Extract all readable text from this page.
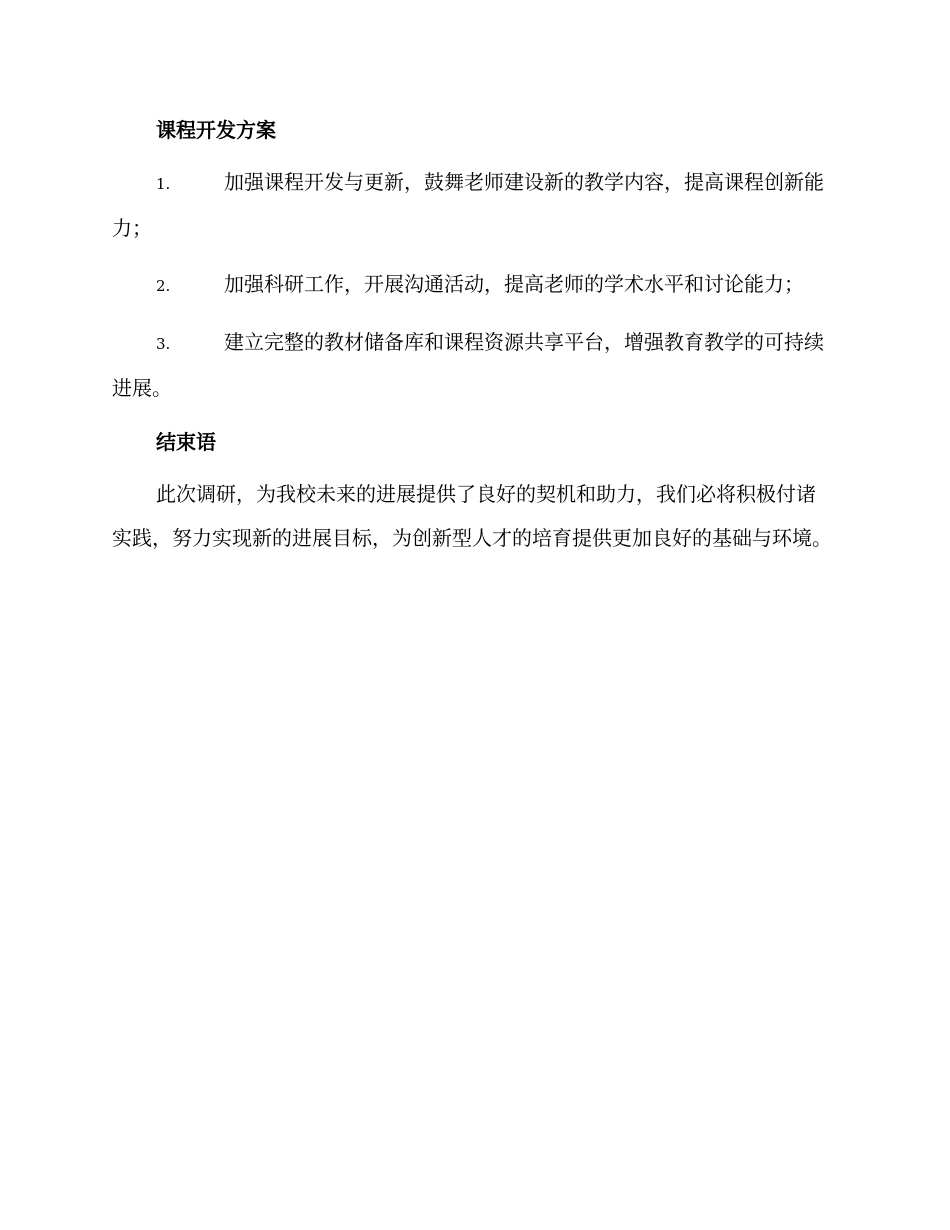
课程开发方案
1.	加强课程开发与更新，鼓舞老师建设新的教学内容，提高课程创新能力；
2.	加强科研工作，开展沟通活动，提高老师的学术水平和讨论能力；
3.	建立完整的教材储备库和课程资源共享平台，增强教育教学的可持续进展。
结束语

此次调研，为我校未来的进展提供了良好的契机和助力，我们必将积极付诸实践，努力实现新的进展目标，为创新型人才的培育提供更加良好的基础与环境。
